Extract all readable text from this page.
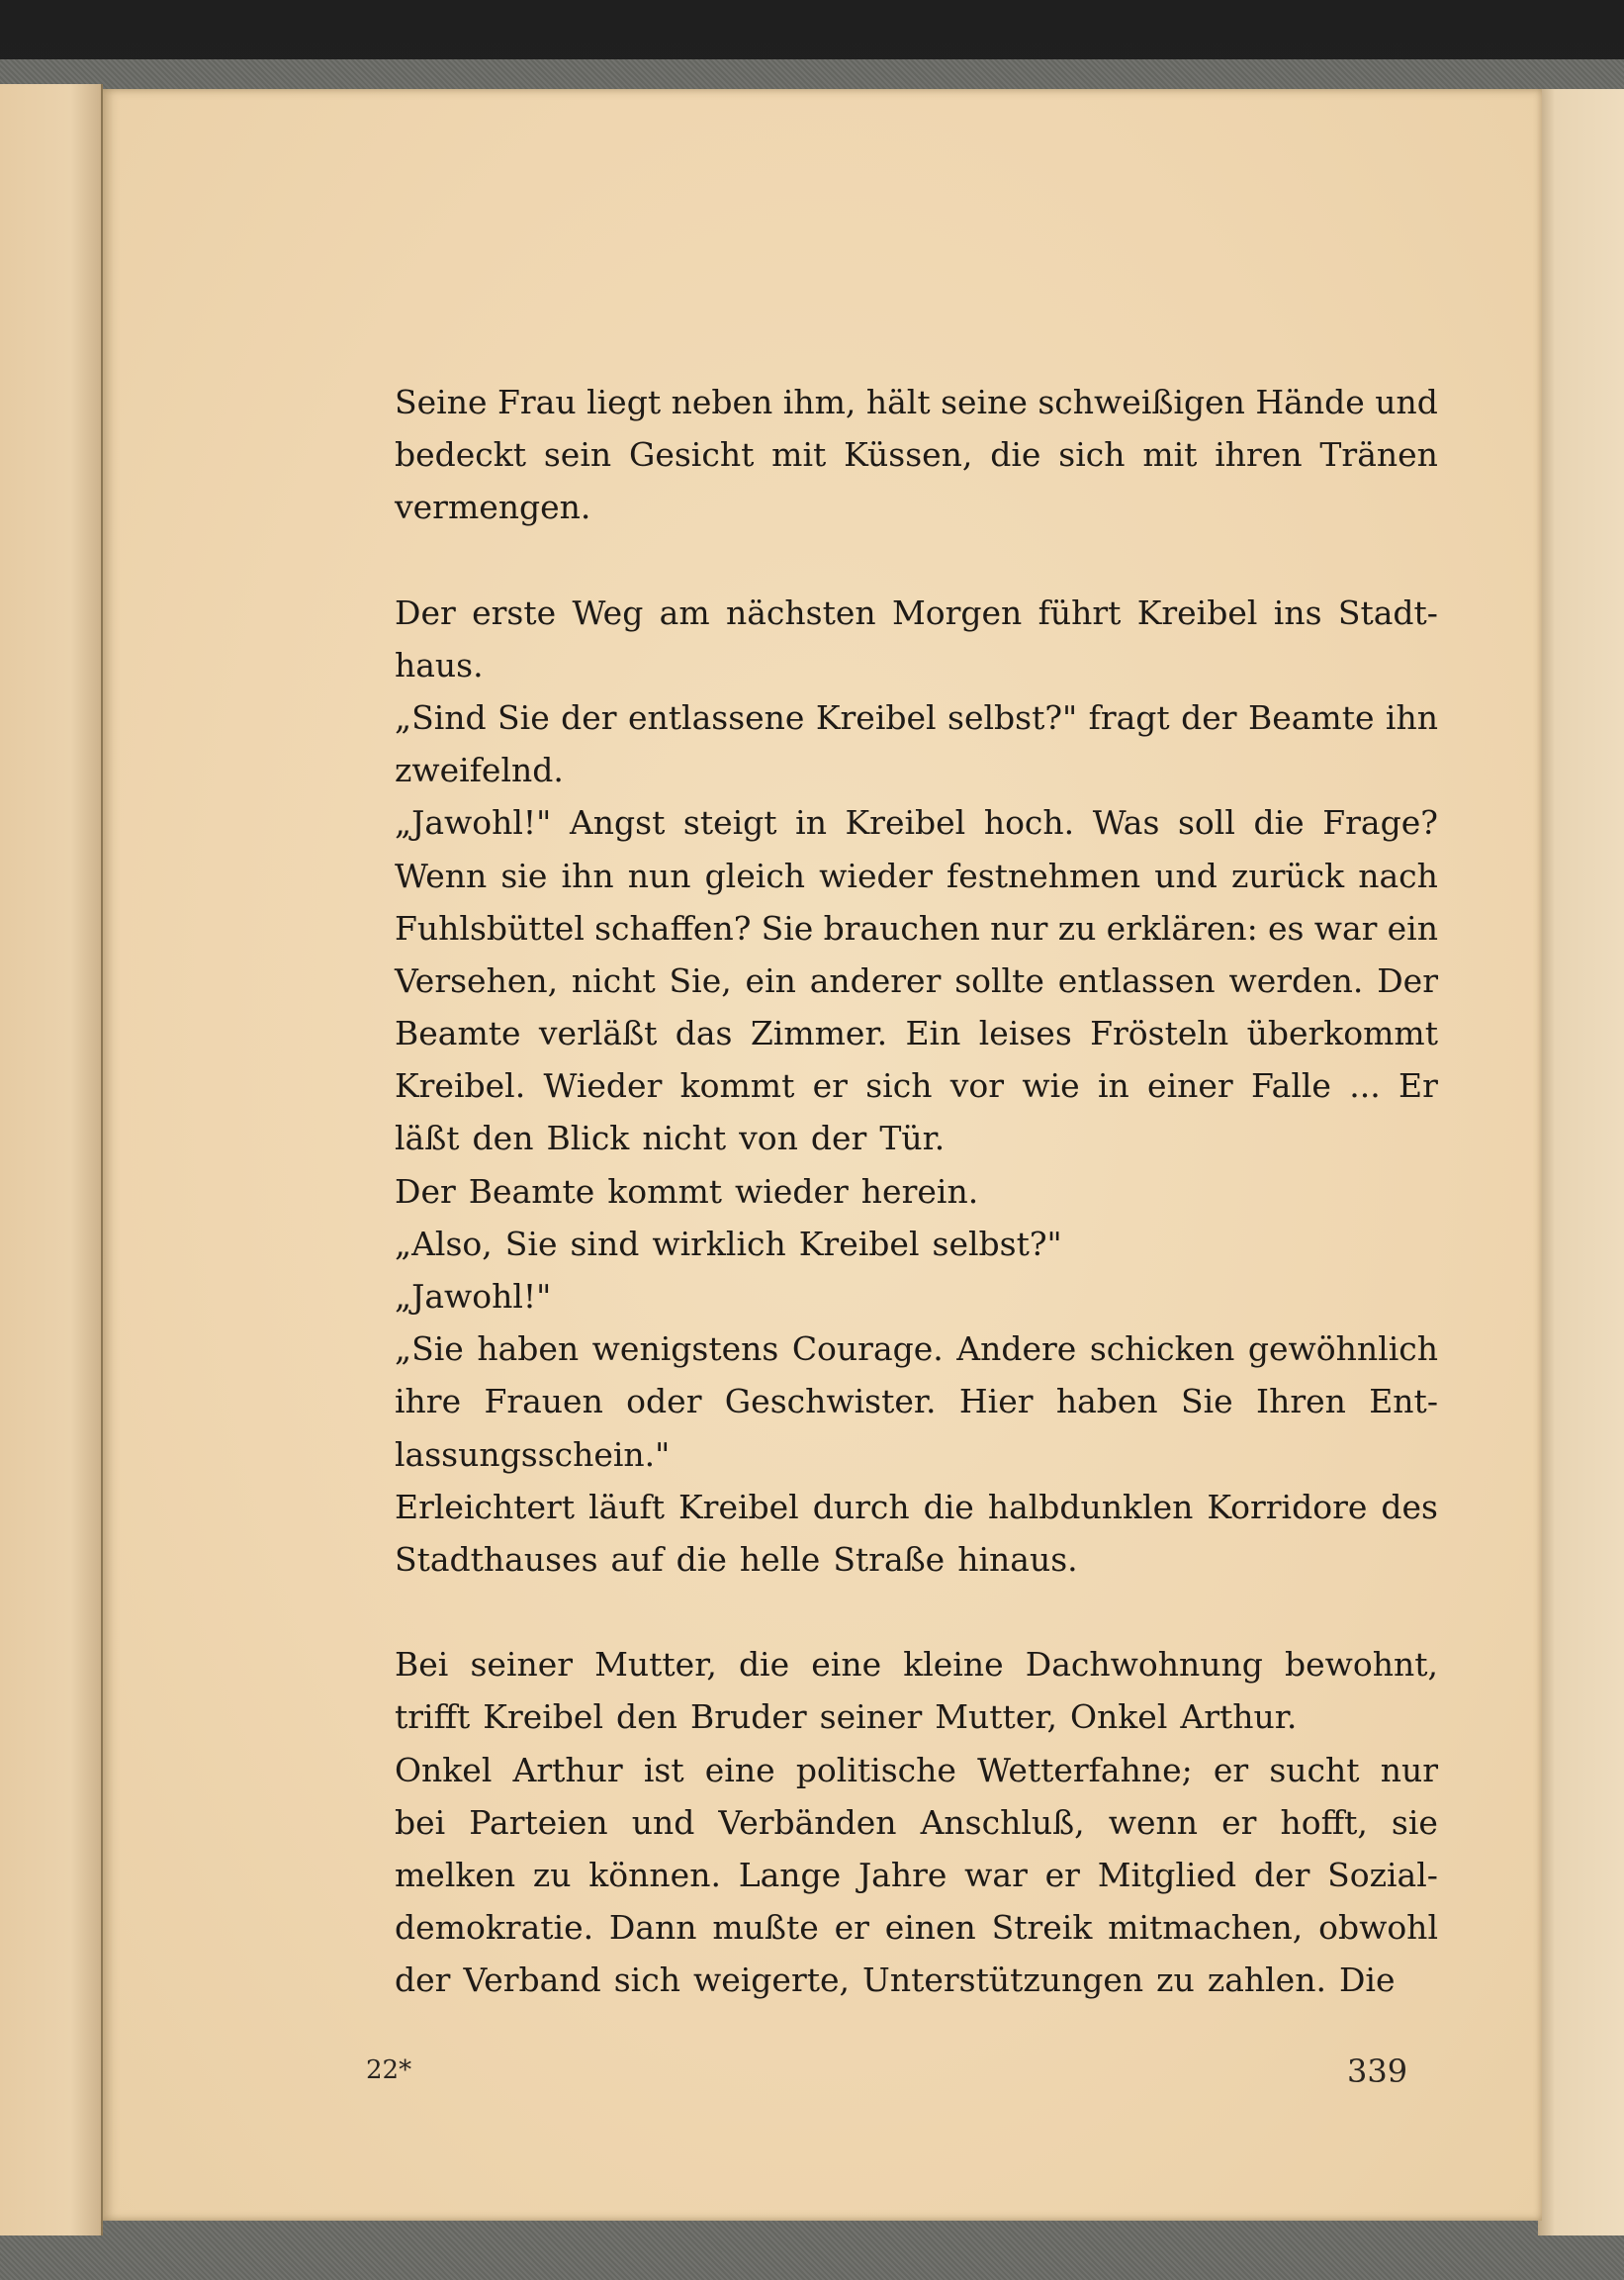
Seine Frau liegt neben ihm, hält seine schweißigen Hände und
bedeckt sein Gesicht mit Küssen, die sich mit ihren Tränen
vermengen.
Der erste Weg am nächsten Morgen führt Kreibel ins Stadt-
haus.
„Sind Sie der entlassene Kreibel selbst?" fragt der Beamte ihn
zweifelnd.
„Jawohl!" Angst steigt in Kreibel hoch. Was soll die Frage?
Wenn sie ihn nun gleich wieder festnehmen und zurück nach
Fuhlsbüttel schaffen? Sie brauchen nur zu erklären: es war ein
Versehen, nicht Sie, ein anderer sollte entlassen werden. Der
Beamte verläßt das Zimmer. Ein leises Frösteln überkommt
Kreibel. Wieder kommt er sich vor wie in einer Falle ... Er
läßt den Blick nicht von der Tür.
Der Beamte kommt wieder herein.
„Also, Sie sind wirklich Kreibel selbst?"
„Jawohl!"
„Sie haben wenigstens Courage. Andere schicken gewöhnlich
ihre Frauen oder Geschwister. Hier haben Sie Ihren Ent-
lassungsschein."
Erleichtert läuft Kreibel durch die halbdunklen Korridore des
Stadthauses auf die helle Straße hinaus.
Bei seiner Mutter, die eine kleine Dachwohnung bewohnt,
trifft Kreibel den Bruder seiner Mutter, Onkel Arthur.
Onkel Arthur ist eine politische Wetterfahne; er sucht nur
bei Parteien und Verbänden Anschluß, wenn er hofft, sie
melken zu können. Lange Jahre war er Mitglied der Sozial-
demokratie. Dann mußte er einen Streik mitmachen, obwohl
der Verband sich weigerte, Unterstützungen zu zahlen. Die
22*	339
